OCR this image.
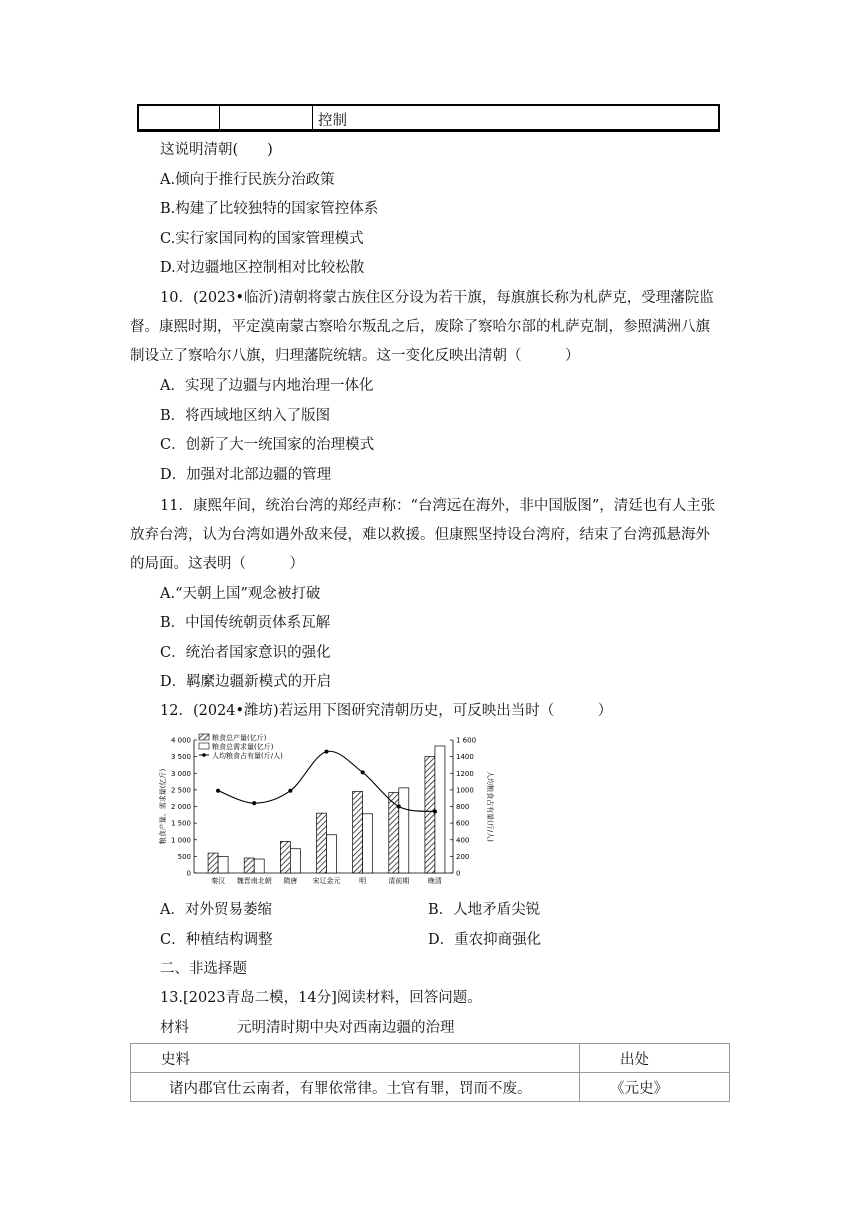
控制
这说明清朝(　　)
A.倾向于推行民族分治政策
B.构建了比较独特的国家管控体系
C.实行家国同构的国家管理模式
D.对边疆地区控制相对比较松散
10．(2023•临沂)清朝将蒙古族住区分设为若干旗，每旗旗长称为札萨克，受理藩院监
督。康熙时期，平定漠南蒙古察哈尔叛乱之后，废除了察哈尔部的札萨克制，参照满洲八旗
制设立了察哈尔八旗，归理藩院统辖。这一变化反映出清朝（　　　）
A．实现了边疆与内地治理一体化
B．将西域地区纳入了版图
C．创新了大一统国家的治理模式
D．加强对北部边疆的管理
11．康熙年间，统治台湾的郑经声称：“台湾远在海外，非中国版图”，清廷也有人主张
放弃台湾，认为台湾如遇外敌来侵，难以救援。但康熙坚持设台湾府，结束了台湾孤悬海外
的局面。这表明（　　　）
A.“天朝上国”观念被打破
B．中国传统朝贡体系瓦解
C．统治者国家意识的强化
D．羁縻边疆新模式的开启
12．(2024•潍坊)若运用下图研究清朝历史，可反映出当时（　　　）
0
500
1 000
1 500
2 000
2 500
3 000
3 500
4 000
0
200
400
600
800
1000
1200
1400
1 600
粮食产量、需求量(亿斤)	人均粮食占有量(斤/人)
秦汉 魏晋南北朝 隋唐 宋辽金元	明	清前期	晚清
粮食总产量(亿斤)
粮食总需求量(亿斤)
人均粮食占有量(斤/人)
A．对外贸易萎缩	B．人地矛盾尖锐
C．种植结构调整	D．重农抑商强化
二、非选择题
13.[2023青岛二模，14分]阅读材料，回答问题。
材料	元明清时期中央对西南边疆的治理
史料	出处
诸内郡官仕云南者，有罪依常律。土官有罪，罚而不废。	《元史》
